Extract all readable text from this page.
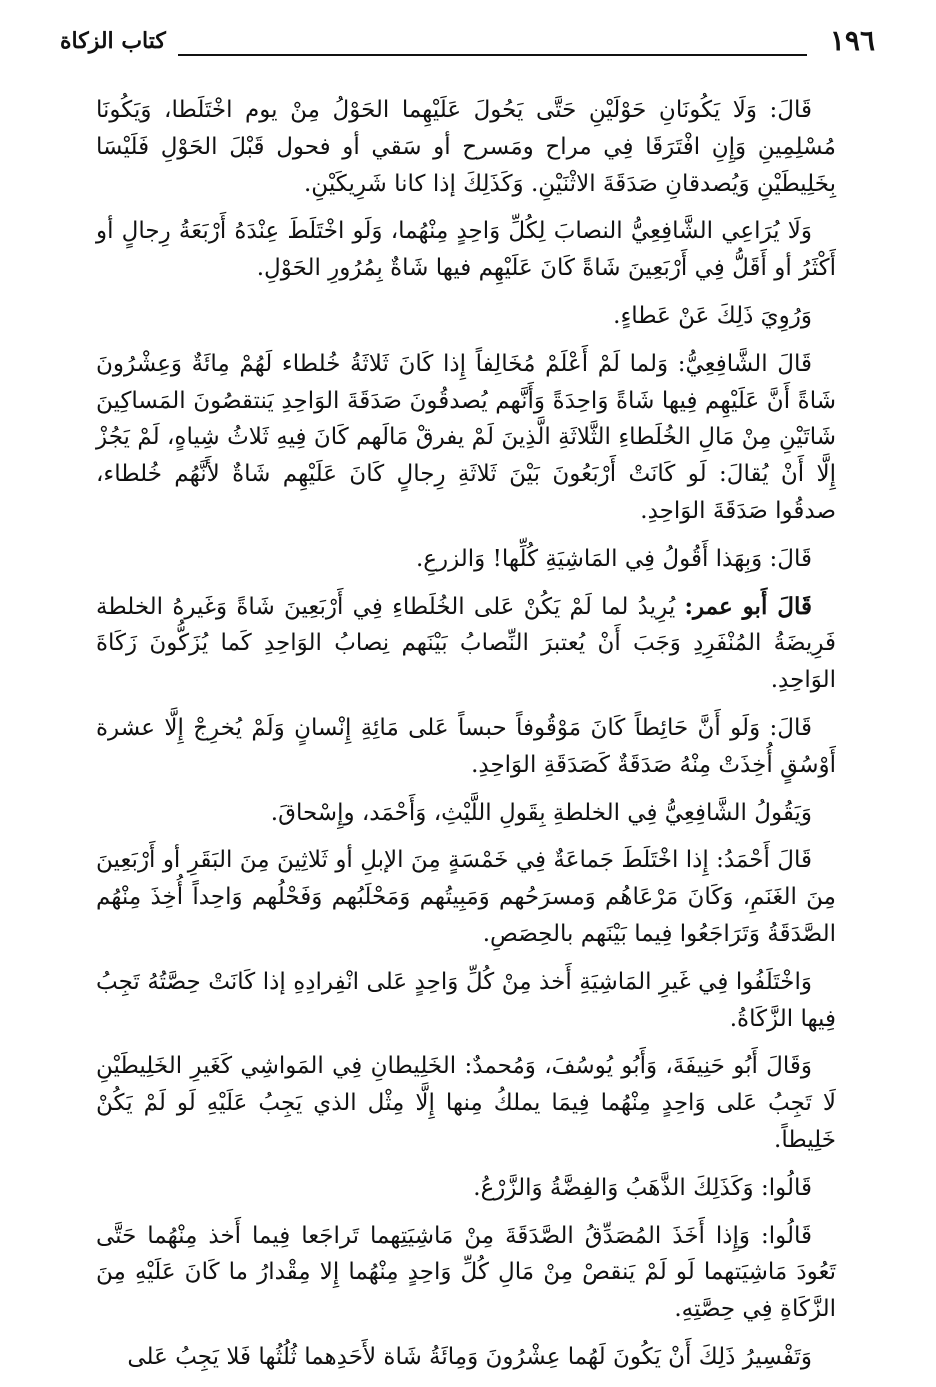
كتاب الزكاة	١٩٦

قَالَ: وَلَا يَكُونَانِ حَوْلَيْنِ حَتَّى يَحُولَ عَلَيْهِما الحَوْلُ مِنْ يوم اخْتَلَطا، وَيَكُونَا مُسْلِمِينِ وَإِنِ افْتَرَقَا فِي مراح ومَسرح أو سَقي أو فحول قَبْلَ الحَوْلِ فَلَيْسَا بِخَلِيطَيْنِ وَيُصدقانِ صَدَقَةَ الاثْنَيْنِ. وَكَذَلِكَ إذا كانا شَرِيكَيْنِ.

وَلَا يُرَاعِي الشَّافِعِيُّ النصابَ لِكُلِّ وَاحِدٍ مِنْهُما، وَلَو اخْتَلَطَ عِنْدَهُ أَرْبَعَةُ رِجالٍ أو أَكْثَرُ أو أَقَلُّ فِي أَرْبَعِينَ شَاةً كَانَ عَلَيْهِم فيها شَاةٌ بِمُرُورِ الحَوْلِ.

وَرُوِيَ ذَلِكَ عَنْ عَطاءٍ.

قَالَ الشَّافِعِيُّ: وَلما لَمْ أَعْلَمْ مُخَالِفاً إِذا كَانَ ثَلاثَةُ خُلطاء لَهُمْ مِائَةٌ وَعِشْرُونَ شَاةً أَنَّ عَلَيْهِم فِيها شَاةً وَاحِدَةً وَأَنَّهم يُصدقُونَ صَدَقَةَ الوَاحِدِ يَنتقصُونَ المَساكِينَ شَاتَيْنِ مِنْ مَالِ الخُلَطاءِ الثَّلاثَةِ الَّذِينَ لَمْ يفرقْ مَالَهم كَانَ فِيهِ ثَلاثُ شِياهٍ، لَمْ يَجُزْ إِلَّا أَنْ يُقالَ: لَو كَانَتْ أَرْبَعُونَ بَيْنَ ثَلاثَةِ رِجالٍ كَانَ عَلَيْهِم شَاةٌ لأَنَّهُم خُلطاء، صدقُوا صَدَقَةَ الوَاحِدِ.

قَالَ: وَبِهَذا أَقُولُ فِي المَاشِيَةِ كُلِّها! وَالزرعِ.

قَالَ أَبو عمر: يُرِيدُ لما لَمْ يَكُنْ عَلى الخُلَطاءِ فِي أَرْبَعِينَ شَاةً وَغَيرهُ الخلطة فَرِيضَةُ المُنْفَرِدِ وَجَبَ أَنْ يُعتبرَ النِّصابُ بَيْنَهم نِصابُ الوَاحِدِ كَما يُزَكُّونَ زَكَاةَ الوَاحِدِ.

قَالَ: وَلَو أَنَّ حَائِطاً كَانَ مَوْقُوفاً حبساً عَلى مَائِةِ إِنْسانٍ وَلَمْ يُخرِجْ إِلَّا عشرة أَوْسُقٍ أُخِذَتْ مِنْهُ صَدَقَةٌ كَصَدَقَةِ الوَاحِدِ.

وَيَقُولُ الشَّافِعِيُّ فِي الخلطةِ بِقَولِ اللَّيْثِ، وَأَحْمَد، وإِسْحاقَ.

قَالَ أَحْمَدُ: إِذا اخْتَلَطَ جَماعَةٌ فِي خَمْسَةٍ مِنَ الإبلِ أو ثَلاثِينَ مِنَ البَقَرِ أو أَرْبَعِينَ مِنَ الغَنَمِ، وَكَانَ مَرْعَاهُم وَمسرَحُهم وَمَبِيتُهم وَمَحْلَبُهم وَفَحْلُهم وَاحِداً أُخِذَ مِنْهُم الصَّدَقَةُ وَتَرَاجَعُوا فِيما بَيْنَهم بالحِصَصِ.

وَاخْتَلَفُوا فِي غَيرِ المَاشِيَةِ أَخذ مِنْ كُلِّ وَاحِدٍ عَلى انْفِرادِهِ إذا كَانَتْ حِصَّتُهُ تَجِبُ فِيها الزَّكَاةُ.

وَقَالَ أَبُو حَنِيفَةَ، وَأَبُو يُوسُفَ، وَمُحمدٌ: الخَلِيطانِ فِي المَواشِي كَغَيرِ الخَلِيطَيْنِ لَا تَجِبُ عَلى وَاحِدٍ مِنْهُما فِيمَا يملكُ مِنها إِلَّا مِثْل الذي يَجِبُ عَلَيْهِ لَو لَمْ يَكُنْ خَلِيطاً.

قَالُوا: وَكَذَلِكَ الذَّهَبُ وَالفِضَّةُ وَالزَّرْعُ.

قَالُوا: وَإِذا أَخَذَ المُصَدِّقُ الصَّدَقَةَ مِنْ مَاشِيَتِهما تَراجَعا فِيما أَخذ مِنْهُما حَتَّى تَعُودَ مَاشِيَتهما لَو لَمْ يَنقصْ مِنْ مَالِ كُلِّ وَاحِدٍ مِنْهُما إِلا مِقْدارُ ما كَانَ عَلَيْهِ مِنَ الزَّكَاةِ فِي حِصَّتِهِ.

وَتَفْسِيرُ ذَلِكَ أَنْ يَكُونَ لَهُما عِشْرُونَ وَمِائَةُ شَاة لأَحَدِهما ثُلُثُها فَلا يَجِبُ عَلى
